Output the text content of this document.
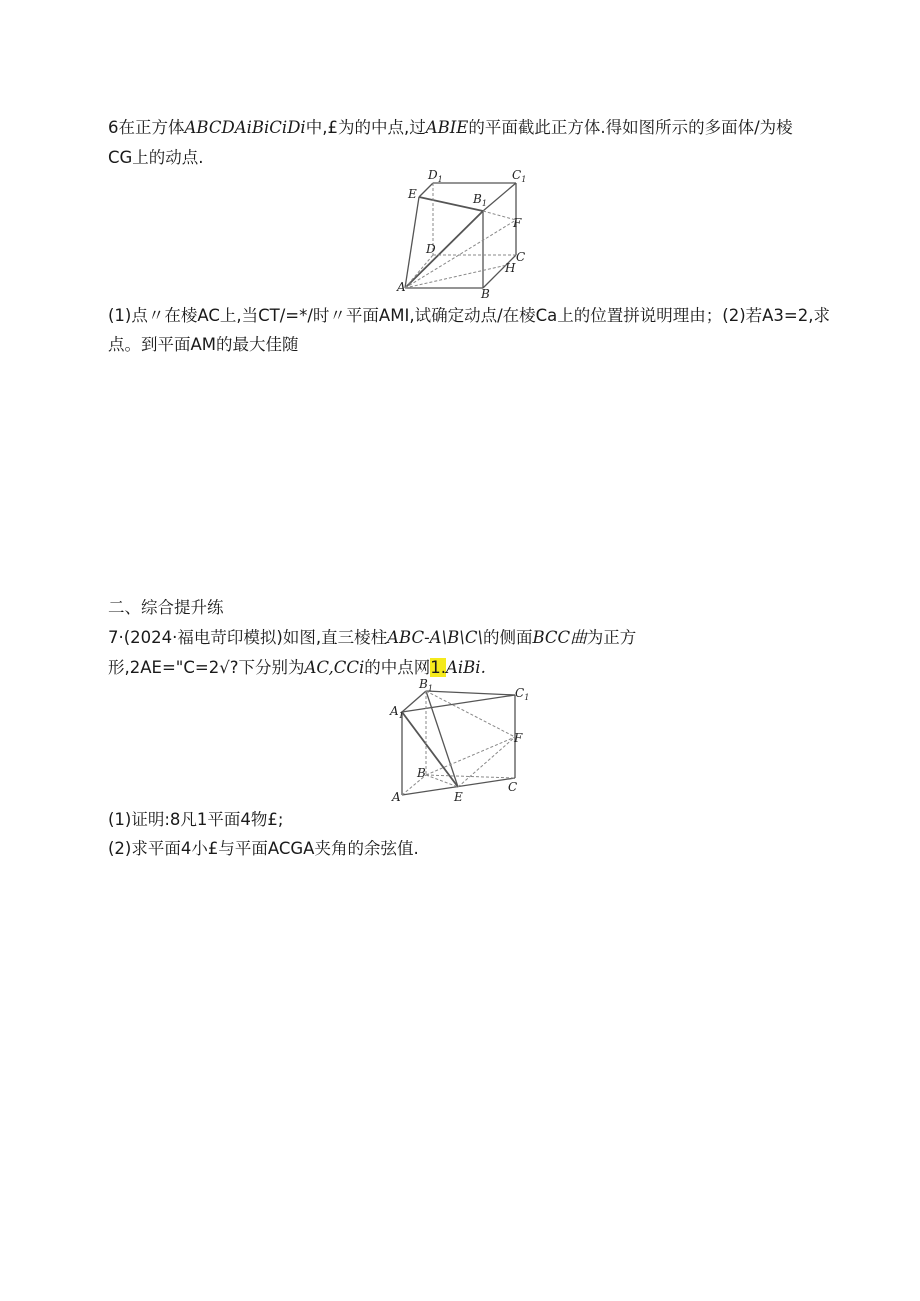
6在正方体ABCDAiBiCiDi中,£为的中点,过ABIE的平面截此正方体.得如图所示的多面体/为棱
CG上的动点.
$D_1$	$C_1$
E	$B_1$
F
D
C
H
A	B
(1)点〃在棱AC上,当CT/=*/时〃平面AMI,试确定动点/在棱Ca上的位置拼说明理由；(2)若A3=2,求
点。到平面AM的最大佳随
二、综合提升练
7·(2024·福电苛印模拟)如图,直三棱柱ABC-A\B\C\的侧面BCC曲为正方
形,2AE="C=2√?下分别为AC,CCi的中点网1.AiBi.
$B_1$	$C_1$
$A_1$
F
B
A	E
C
(1)证明:8凡1平面4物£;
(2)求平面4小£与平面ACGA夹角的余弦值.
